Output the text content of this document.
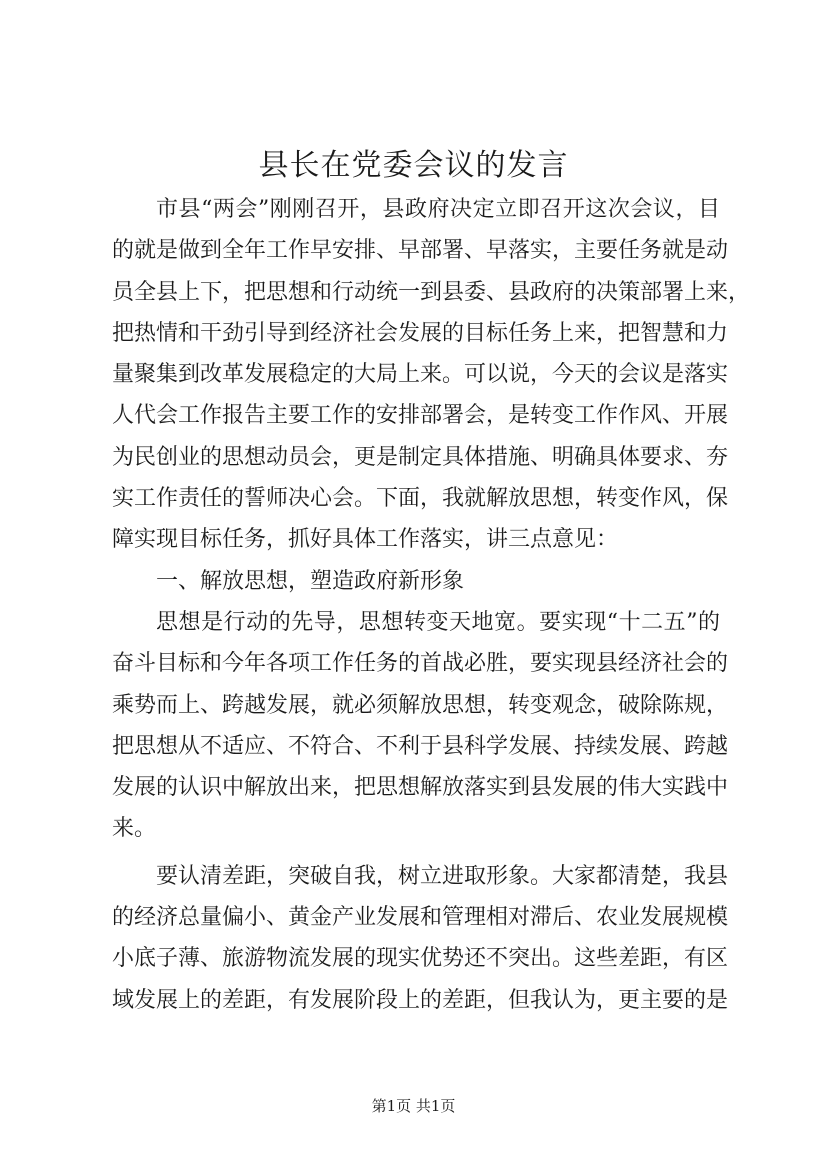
县长在党委会议的发言
市县“两会”刚刚召开，县政府决定立即召开这次会议，目
的就是做到全年工作早安排、早部署、早落实，主要任务就是动
员全县上下，把思想和行动统一到县委、县政府的决策部署上来，
把热情和干劲引导到经济社会发展的目标任务上来，把智慧和力
量聚集到改革发展稳定的大局上来。可以说，今天的会议是落实
人代会工作报告主要工作的安排部署会，是转变工作作风、开展
为民创业的思想动员会，更是制定具体措施、明确具体要求、夯
实工作责任的誓师决心会。下面，我就解放思想，转变作风，保
障实现目标任务，抓好具体工作落实，讲三点意见：
一、解放思想，塑造政府新形象
思想是行动的先导，思想转变天地宽。要实现“十二五”的
奋斗目标和今年各项工作任务的首战必胜，要实现县经济社会的
乘势而上、跨越发展，就必须解放思想，转变观念，破除陈规，
把思想从不适应、不符合、不利于县科学发展、持续发展、跨越
发展的认识中解放出来，把思想解放落实到县发展的伟大实践中
来。
要认清差距，突破自我，树立进取形象。大家都清楚，我县
的经济总量偏小、黄金产业发展和管理相对滞后、农业发展规模
小底子薄、旅游物流发展的现实优势还不突出。这些差距，有区
域发展上的差距，有发展阶段上的差距，但我认为，更主要的是
第1页 共1页
